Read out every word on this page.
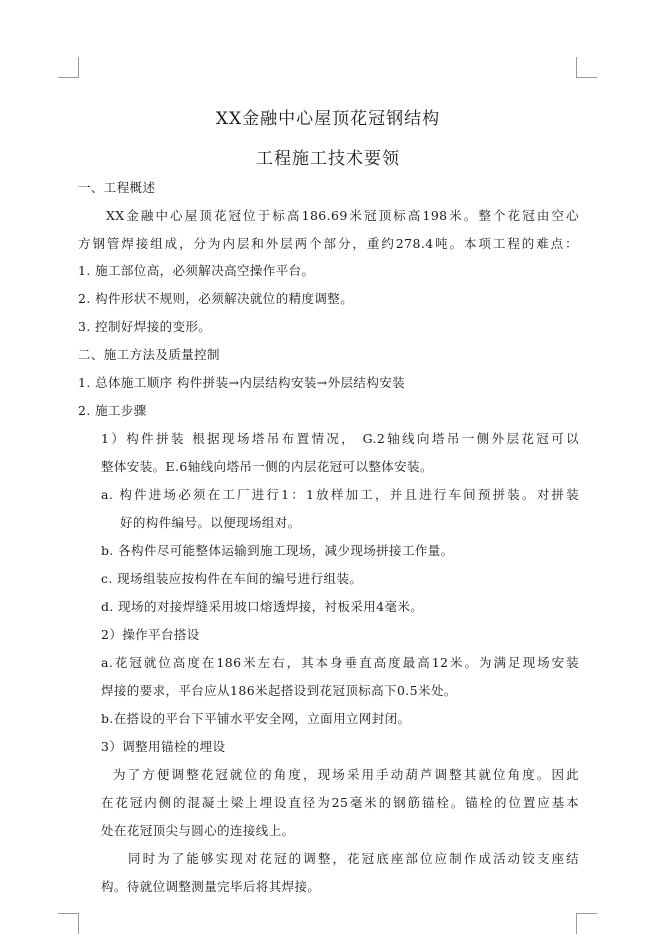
XX金融中心屋顶花冠钢结构
工程施工技术要领
一、工程概述
XX金融中心屋顶花冠位于标高186.69米冠顶标高198米。整个花冠由空心
方钢管焊接组成，分为内层和外层两个部分，重约278.4吨。本项工程的难点：
1. 施工部位高，必须解决高空操作平台。
2. 构件形状不规则，必须解决就位的精度调整。
3. 控制好焊接的变形。
二、施工方法及质量控制
1. 总体施工顺序 构件拼装→内层结构安装→外层结构安装
2. 施工步骤
1）构件拼装 根据现场塔吊布置情况， G.2轴线向塔吊一侧外层花冠可以
整体安装。E.6轴线向塔吊一侧的内层花冠可以整体安装。
a. 构件进场必须在工厂进行1：1放样加工，并且进行车间预拼装。对拼装
好的构件编号。以便现场组对。
b. 各构件尽可能整体运输到施工现场，减少现场拼接工作量。
c. 现场组装应按构件在车间的编号进行组装。
d. 现场的对接焊缝采用坡口熔透焊接，衬板采用4毫米。
2）操作平台搭设
a.花冠就位高度在186米左右，其本身垂直高度最高12米。为满足现场安装
焊接的要求，平台应从186米起搭设到花冠顶标高下0.5米处。
b.在搭设的平台下平铺水平安全网，立面用立网封闭。
3）调整用锚栓的埋设
为了方便调整花冠就位的角度，现场采用手动葫芦调整其就位角度。因此
在花冠内侧的混凝土梁上埋设直径为25毫米的钢筋锚栓。锚栓的位置应基本
处在花冠顶尖与圆心的连接线上。
同时为了能够实现对花冠的调整，花冠底座部位应制作成活动铰支座结
构。待就位调整测量完毕后将其焊接。
